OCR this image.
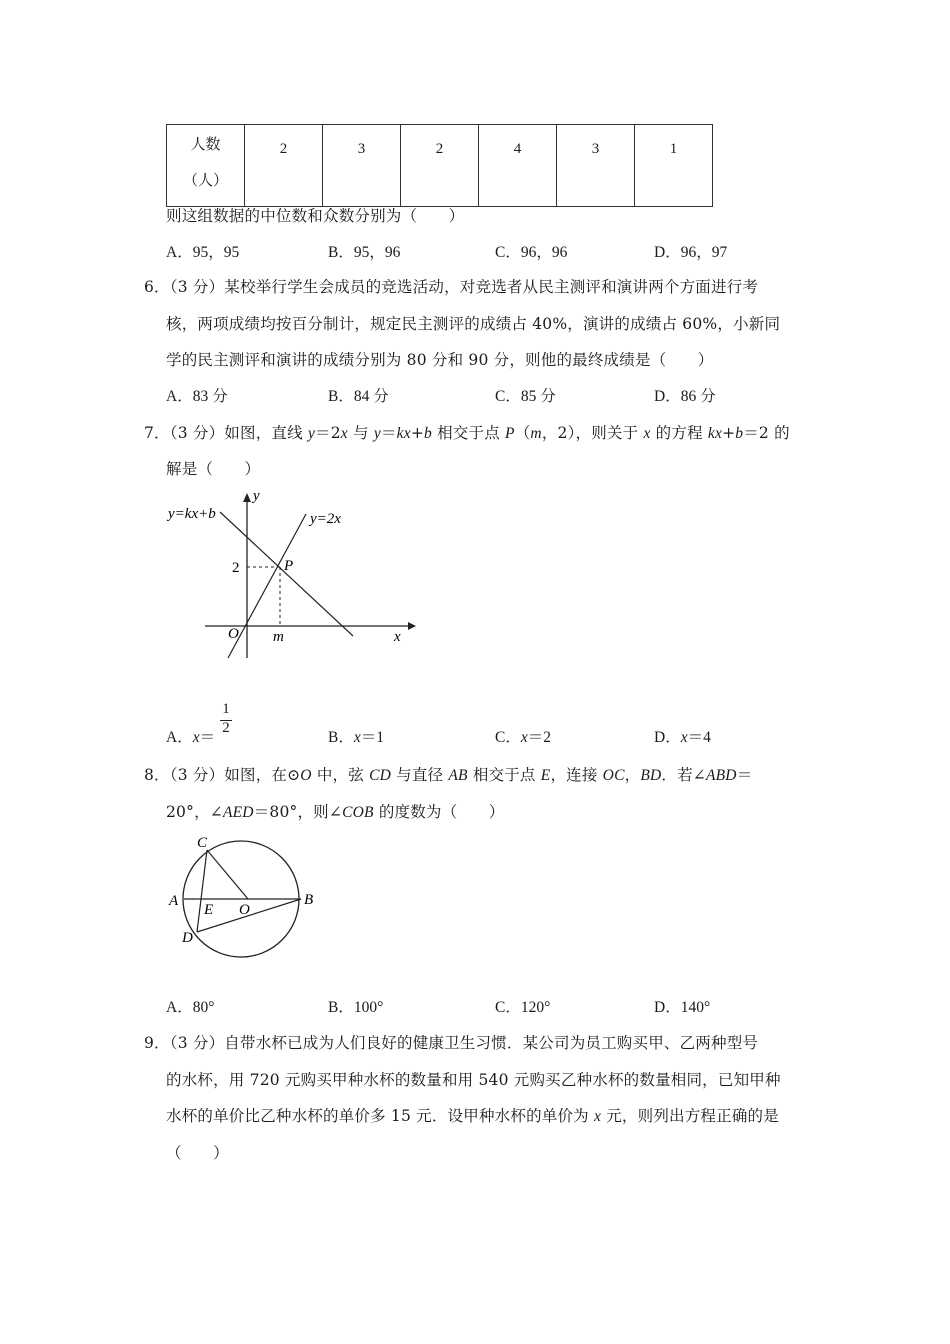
人数
（人）
	2	3	2	4	3	1
则这组数据的中位数和众数分别为（　　）
A．95，95	B．95，96	C．96，96	D．96，97
6．（3 分）某校举行学生会成员的竞选活动，对竞选者从民主测评和演讲两个方面进行考
核，两项成绩均按百分制计，规定民主测评的成绩占 40%，演讲的成绩占 60%，小新同
学的民主测评和演讲的成绩分别为 80 分和 90 分，则他的最终成绩是（　　）
A．83 分	B．84 分	C．85 分	D．86 分
7．（3 分）如图，直线 y＝2x 与 y＝kx+b 相交于点 P（m，2），则关于 x 的方程 kx+b＝2 的
解是（　　）
y=kx+b	y=2x
y
x
O
P
2
m
A．x＝
1
2
B．x＝1	C．x＝2	D．x＝4
8．（3 分）如图，在⊙O 中，弦 CD 与直径 AB 相交于点 E，连接 OC，BD．若∠ABD＝
20°，∠AED＝80°，则∠COB 的度数为（　　）
C
A	B
E O
D
A．80°	B．100°	C．120°	D．140°
9．（3 分）自带水杯已成为人们良好的健康卫生习惯．某公司为员工购买甲、乙两种型号
的水杯，用 720 元购买甲种水杯的数量和用 540 元购买乙种水杯的数量相同，已知甲种
水杯的单价比乙种水杯的单价多 15 元．设甲种水杯的单价为 x 元，则列出方程正确的是
（　　）
